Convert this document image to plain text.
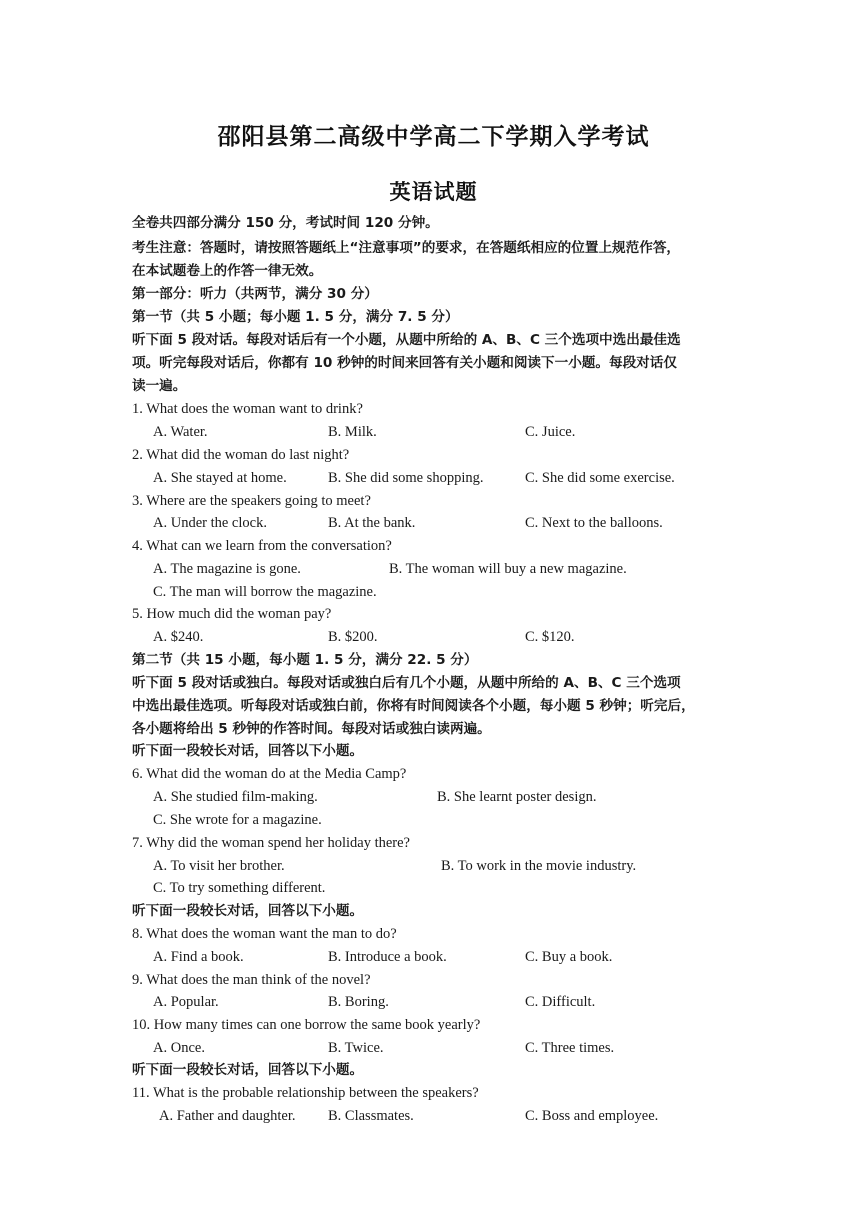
邵阳县第二高级中学高二下学期入学考试
英语试题
全卷共四部分满分 150 分，考试时间 120 分钟。
考生注意：答题时，请按照答题纸上“注意事项”的要求，在答题纸相应的位置上规范作答，
在本试题卷上的作答一律无效。
第一部分：听力（共两节，满分 30 分）
第一节（共 5 小题；每小题 1. 5 分，满分 7. 5 分）
听下面 5 段对话。每段对话后有一个小题，从题中所给的 A、B、C 三个选项中选出最佳选
项。听完每段对话后，你都有 10 秒钟的时间来回答有关小题和阅读下一小题。每段对话仅
读一遍。
1. What does the woman want to drink?
A. Water.	B. Milk.	C. Juice.
2. What did the woman do last night?
A. She stayed at home.	B. She did some shopping.	C. She did some exercise.
3. Where are the speakers going to meet?
A. Under the clock.	B. At the bank.	C. Next to the balloons.
4. What can we learn from the conversation?
A. The magazine is gone.	B. The woman will buy a new magazine.
C. The man will borrow the magazine.
5. How much did the woman pay?
A. $240.	B. $200.	C. $120.
第二节（共 15 小题，每小题 1. 5 分，满分 22. 5 分）
听下面 5 段对话或独白。每段对话或独白后有几个小题，从题中所给的 A、B、C 三个选项
中选出最佳选项。听每段对话或独白前，你将有时间阅读各个小题，每小题 5 秒钟；听完后，
各小题将给出 5 秒钟的作答时间。每段对话或独白读两遍。
听下面一段较长对话，回答以下小题。
6. What did the woman do at the Media Camp?
A. She studied film-making.	B. She learnt poster design.
C. She wrote for a magazine.
7. Why did the woman spend her holiday there?
A. To visit her brother.	B. To work in the movie industry.
C. To try something different.
听下面一段较长对话，回答以下小题。
8. What does the woman want the man to do?
A. Find a book.	B. Introduce a book.	C. Buy a book.
9. What does the man think of the novel?
A. Popular.	B. Boring.	C. Difficult.
10. How many times can one borrow the same book yearly?
A. Once.	B. Twice.	C. Three times.
听下面一段较长对话，回答以下小题。
11. What is the probable relationship between the speakers?
A. Father and daughter. B. Classmates.	C. Boss and employee.
